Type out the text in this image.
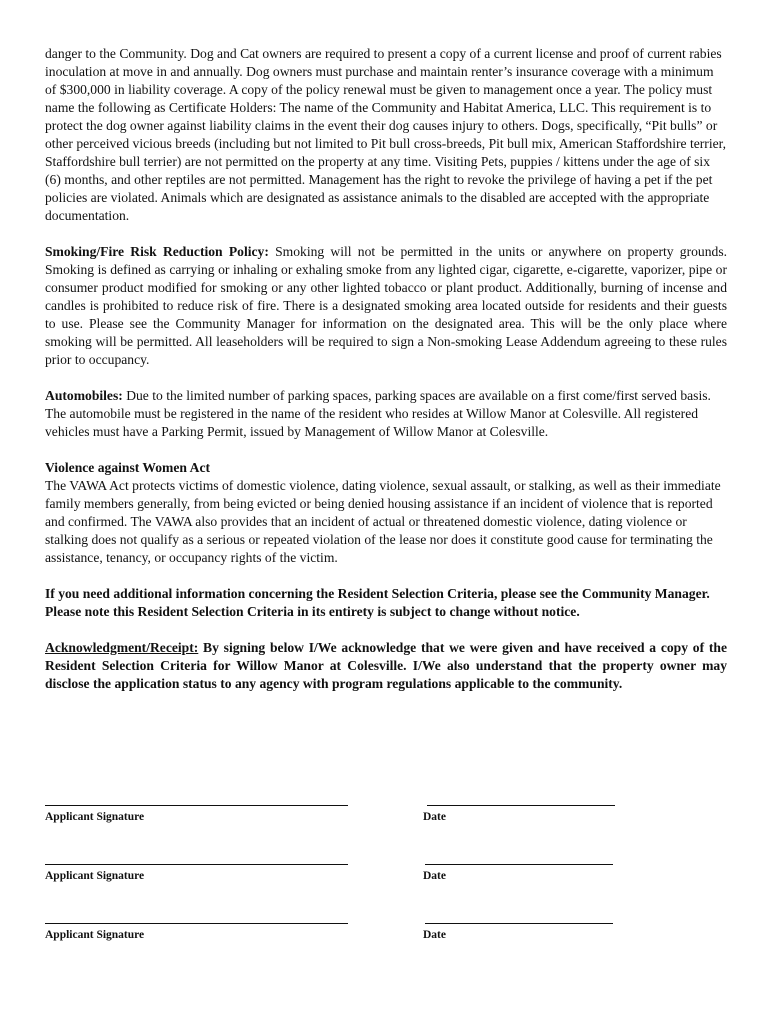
danger to the Community. Dog and Cat owners are required to present a copy of a current license and proof of current rabies inoculation at move in and annually. Dog owners must purchase and maintain renter’s insurance coverage with a minimum of $300,000 in liability coverage. A copy of the policy renewal must be given to management once a year. The policy must name the following as Certificate Holders: The name of the Community and Habitat America, LLC. This requirement is to protect the dog owner against liability claims in the event their dog causes injury to others. Dogs, specifically, “Pit bulls” or other perceived vicious breeds (including but not limited to Pit bull cross-breeds, Pit bull mix, American Staffordshire terrier, Staffordshire bull terrier) are not permitted on the property at any time. Visiting Pets, puppies / kittens under the age of six (6) months, and other reptiles are not permitted. Management has the right to revoke the privilege of having a pet if the pet policies are violated. Animals which are designated as assistance animals to the disabled are accepted with the appropriate documentation.

Smoking/Fire Risk Reduction Policy: Smoking will not be permitted in the units or anywhere on property grounds. Smoking is defined as carrying or inhaling or exhaling smoke from any lighted cigar, cigarette, e-cigarette, vaporizer, pipe or consumer product modified for smoking or any other lighted tobacco or plant product. Additionally, burning of incense and candles is prohibited to reduce risk of fire. There is a designated smoking area located outside for residents and their guests to use. Please see the Community Manager for information on the designated area. This will be the only place where smoking will be permitted. All leaseholders will be required to sign a Non-smoking Lease Addendum agreeing to these rules prior to occupancy.

Automobiles: Due to the limited number of parking spaces, parking spaces are available on a first come/first served basis. The automobile must be registered in the name of the resident who resides at Willow Manor at Colesville. All registered vehicles must have a Parking Permit, issued by Management of Willow Manor at Colesville.

Violence against Women Act

The VAWA Act protects victims of domestic violence, dating violence, sexual assault, or stalking, as well as their immediate family members generally, from being evicted or being denied housing assistance if an incident of violence that is reported and confirmed. The VAWA also provides that an incident of actual or threatened domestic violence, dating violence or stalking does not qualify as a serious or repeated violation of the lease nor does it constitute good cause for terminating the assistance, tenancy, or occupancy rights of the victim.

If you need additional information concerning the Resident Selection Criteria, please see the Community Manager. Please note this Resident Selection Criteria in its entirety is subject to change without notice.

Acknowledgment/Receipt: By signing below I/We acknowledge that we were given and have received a copy of the Resident Selection Criteria for Willow Manor at Colesville. I/We also understand that the property owner may disclose the application status to any agency with program regulations applicable to the community.

Applicant Signature	Date
Applicant Signature	Date
Applicant Signature	Date
